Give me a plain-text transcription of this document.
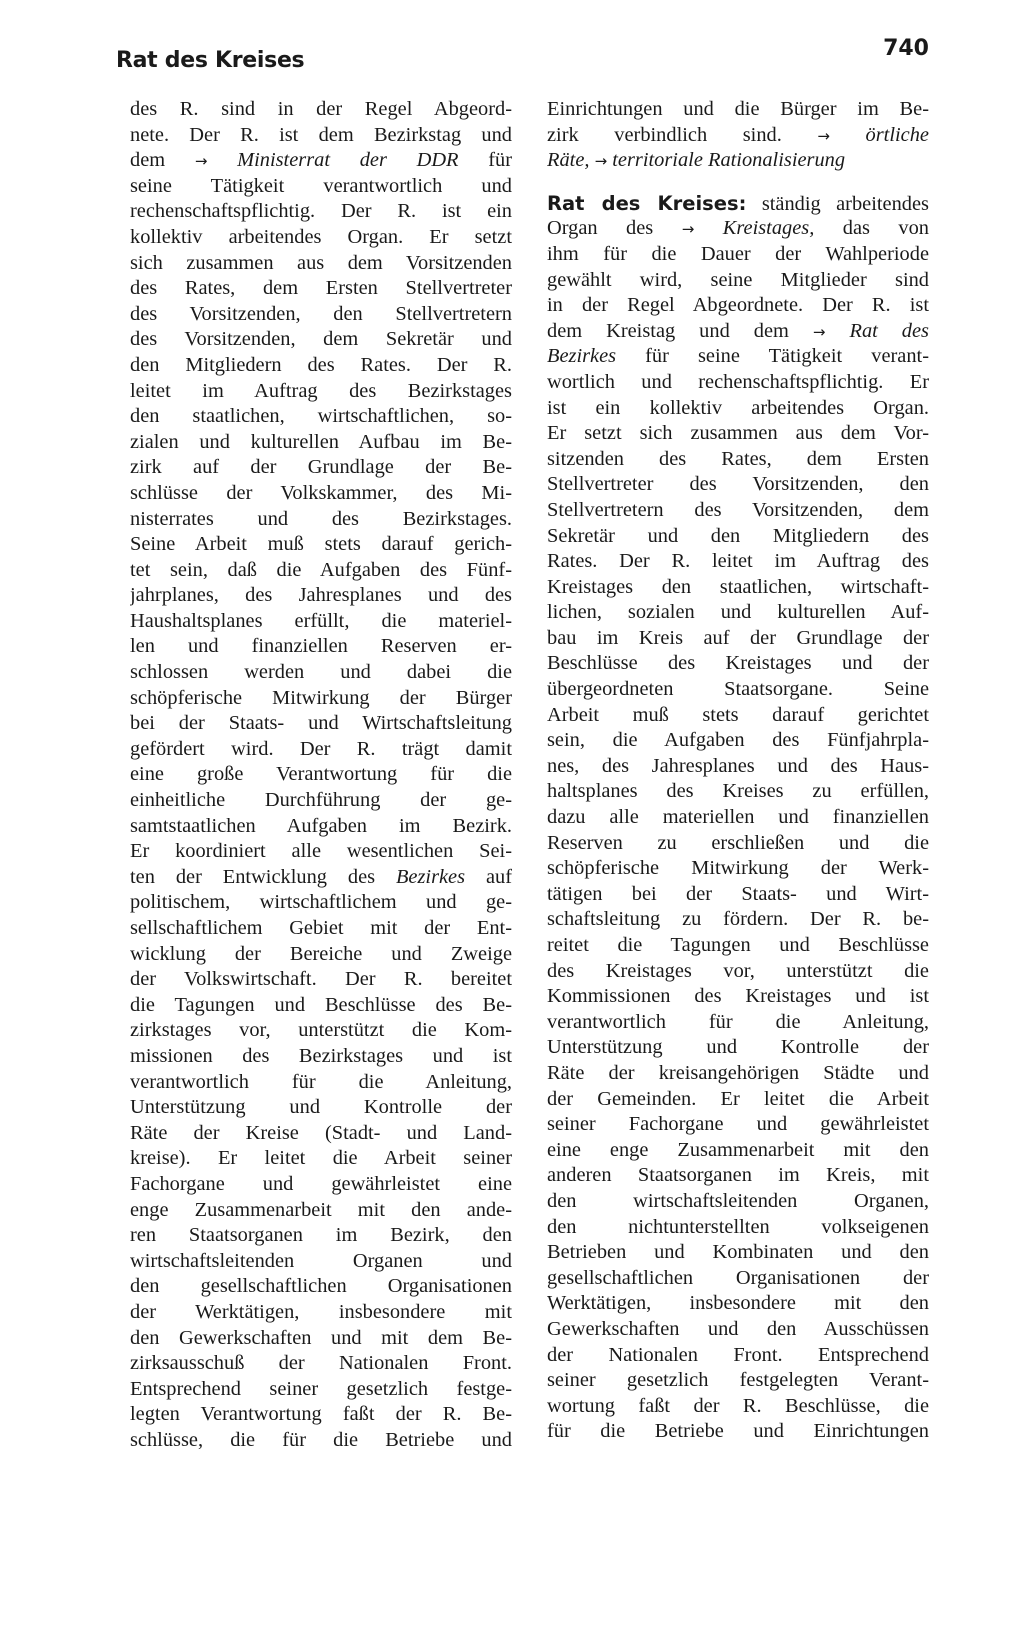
Rat des Kreises	740
des R. sind in der Regel Abgeord-
nete. Der R. ist dem Bezirkstag und
dem → Ministerrat der DDR für
seine Tätigkeit verantwortlich und
rechenschaftspflichtig. Der R. ist ein
kollektiv arbeitendes Organ. Er setzt
sich zusammen aus dem Vorsitzenden
des Rates, dem Ersten Stellvertreter
des Vorsitzenden, den Stellvertretern
des Vorsitzenden, dem Sekretär und
den Mitgliedern des Rates. Der R.
leitet im Auftrag des Bezirkstages
den staatlichen, wirtschaftlichen, so-
zialen und kulturellen Aufbau im Be-
zirk auf der Grundlage der Be-
schlüsse der Volkskammer, des Mi-
nisterrates und des Bezirkstages.
Seine Arbeit muß stets darauf gerich-
tet sein, daß die Aufgaben des Fünf-
jahrplanes, des Jahresplanes und des
Haushaltsplanes erfüllt, die materiel-
len und finanziellen Reserven er-
schlossen werden und dabei die
schöpferische Mitwirkung der Bürger
bei der Staats- und Wirtschaftsleitung
gefördert wird. Der R. trägt damit
eine große Verantwortung für die
einheitliche Durchführung der ge-
samtstaatlichen Aufgaben im Bezirk.
Er koordiniert alle wesentlichen Sei-
ten der Entwicklung des Bezirkes auf
politischem, wirtschaftlichem und ge-
sellschaftlichem Gebiet mit der Ent-
wicklung der Bereiche und Zweige
der Volkswirtschaft. Der R. bereitet
die Tagungen und Beschlüsse des Be-
zirkstages vor, unterstützt die Kom-
missionen des Bezirkstages und ist
verantwortlich für die Anleitung,
Unterstützung und Kontrolle der
Räte der Kreise (Stadt- und Land-
kreise). Er leitet die Arbeit seiner
Fachorgane und gewährleistet eine
enge Zusammenarbeit mit den ande-
ren Staatsorganen im Bezirk, den
wirtschaftsleitenden Organen und
den gesellschaftlichen Organisationen
der Werktätigen, insbesondere mit
den Gewerkschaften und mit dem Be-
zirksausschuß der Nationalen Front.
Entsprechend seiner gesetzlich festge-
legten Verantwortung faßt der R. Be-
schlüsse, die für die Betriebe und
Einrichtungen und die Bürger im Be-
zirk verbindlich sind. → örtliche
Räte, → territoriale Rationalisierung
Rat des Kreises: ständig arbeitendes
Organ des → Kreistages, das von
ihm für die Dauer der Wahlperiode
gewählt wird, seine Mitglieder sind
in der Regel Abgeordnete. Der R. ist
dem Kreistag und dem → Rat des
Bezirkes für seine Tätigkeit verant-
wortlich und rechenschaftspflichtig. Er
ist ein kollektiv arbeitendes Organ.
Er setzt sich zusammen aus dem Vor-
sitzenden des Rates, dem Ersten
Stellvertreter des Vorsitzenden, den
Stellvertretern des Vorsitzenden, dem
Sekretär und den Mitgliedern des
Rates. Der R. leitet im Auftrag des
Kreistages den staatlichen, wirtschaft-
lichen, sozialen und kulturellen Auf-
bau im Kreis auf der Grundlage der
Beschlüsse des Kreistages und der
übergeordneten Staatsorgane. Seine
Arbeit muß stets darauf gerichtet
sein, die Aufgaben des Fünfjahrpla-
nes, des Jahresplanes und des Haus-
haltsplanes des Kreises zu erfüllen,
dazu alle materiellen und finanziellen
Reserven zu erschließen und die
schöpferische Mitwirkung der Werk-
tätigen bei der Staats- und Wirt-
schaftsleitung zu fördern. Der R. be-
reitet die Tagungen und Beschlüsse
des Kreistages vor, unterstützt die
Kommissionen des Kreistages und ist
verantwortlich für die Anleitung,
Unterstützung und Kontrolle der
Räte der kreisangehörigen Städte und
der Gemeinden. Er leitet die Arbeit
seiner Fachorgane und gewährleistet
eine enge Zusammenarbeit mit den
anderen Staatsorganen im Kreis, mit
den wirtschaftsleitenden Organen,
den nichtunterstellten volkseigenen
Betrieben und Kombinaten und den
gesellschaftlichen Organisationen der
Werktätigen, insbesondere mit den
Gewerkschaften und den Ausschüssen
der Nationalen Front. Entsprechend
seiner gesetzlich festgelegten Verant-
wortung faßt der R. Beschlüsse, die
für die Betriebe und Einrichtungen
